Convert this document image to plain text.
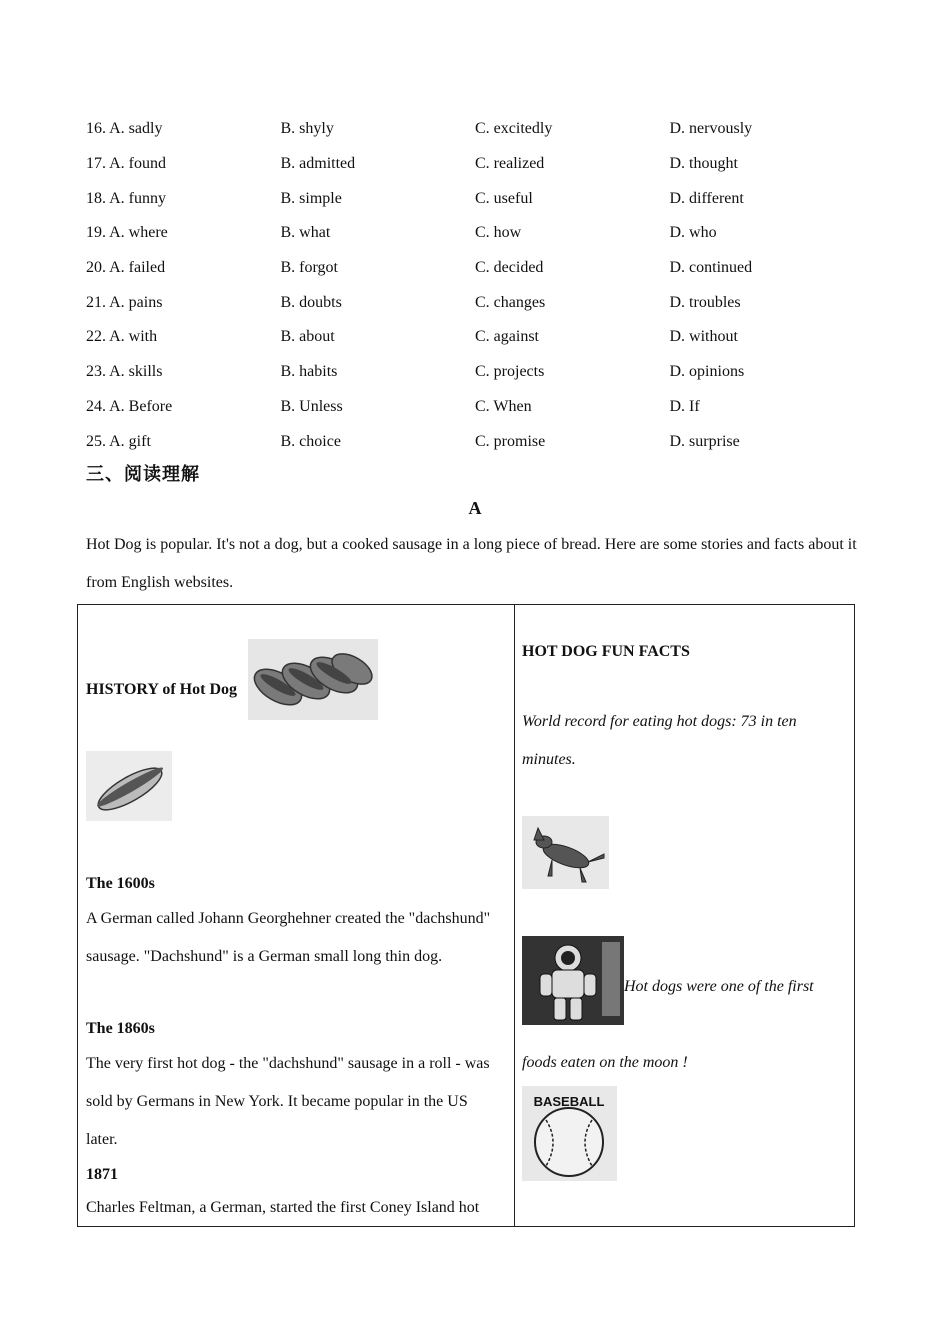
16. A. sadly	B. shyly	C. excitedly	D. nervously
17. A. found	B. admitted	C. realized	D. thought
18. A. funny	B. simple	C. useful	D. different
19. A. where	B. what	C. how	D. who
20. A. failed	B. forgot	C. decided	D. continued
21. A. pains	B. doubts	C. changes	D. troubles
22. A. with	B. about	C. against	D. without
23. A. skills	B. habits	C. projects	D. opinions
24. A. Before	B. Unless	C. When	D. If
25. A. gift	B. choice	C. promise	D. surprise
三、阅读理解
A
Hot Dog is popular. It's not a dog, but a cooked sausage in a long piece of bread. Here are some stories and facts about it from English websites.
HISTORY of Hot Dog
The 1600s
A German called Johann Georghehner created the "dachshund" sausage. "Dachshund" is a German small long thin dog.
The 1860s
The very first hot dog - the "dachshund" sausage in a roll - was sold by Germans in New York. It became popular in the US later.
1871
Charles Feltman, a German, started the first Coney Island hot
HOT DOG FUN FACTS
World record for eating hot dogs: 73 in ten minutes.
Hot dogs were one of the first
foods eaten on the moon !
BASEBALL
